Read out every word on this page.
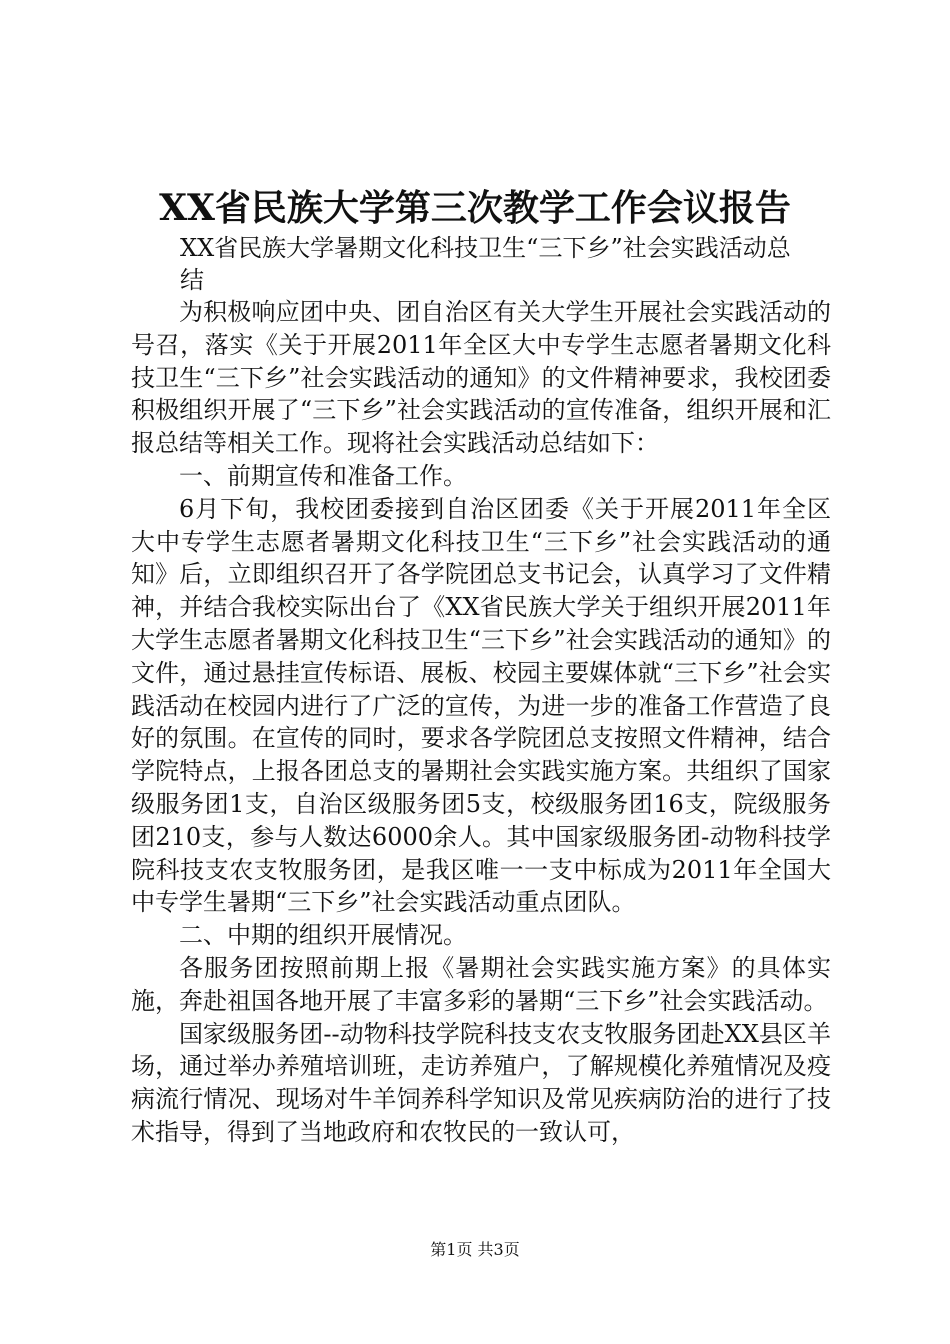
XX省民族大学第三次教学工作会议报告
XX省民族大学暑期文化科技卫生“三下乡”社会实践活动总结

为积极响应团中央、团自治区有关大学生开展社会实践活动的号召，落实《关于开展2011年全区大中专学生志愿者暑期文化科技卫生“三下乡”社会实践活动的通知》的文件精神要求，我校团委积极组织开展了“三下乡”社会实践活动的宣传准备，组织开展和汇报总结等相关工作。现将社会实践活动总结如下：

一、前期宣传和准备工作。

6月下旬，我校团委接到自治区团委《关于开展2011年全区大中专学生志愿者暑期文化科技卫生“三下乡”社会实践活动的通知》后，立即组织召开了各学院团总支书记会，认真学习了文件精神，并结合我校实际出台了《XX省民族大学关于组织开展2011年大学生志愿者暑期文化科技卫生“三下乡”社会实践活动的通知》的文件，通过悬挂宣传标语、展板、校园主要媒体就“三下乡”社会实践活动在校园内进行了广泛的宣传，为进一步的准备工作营造了良好的氛围。在宣传的同时，要求各学院团总支按照文件精神，结合学院特点，上报各团总支的暑期社会实践实施方案。共组织了国家级服务团1支，自治区级服务团5支，校级服务团16支，院级服务团210支，参与人数达6000余人。其中国家级服务团-动物科技学院科技支农支牧服务团，是我区唯一一支中标成为2011年全国大中专学生暑期“三下乡”社会实践活动重点团队。

二、中期的组织开展情况。

各服务团按照前期上报《暑期社会实践实施方案》的具体实施，奔赴祖国各地开展了丰富多彩的暑期“三下乡”社会实践活动。

国家级服务团--动物科技学院科技支农支牧服务团赴XX县区羊场，通过举办养殖培训班，走访养殖户，了解规模化养殖情况及疫病流行情况、现场对牛羊饲养科学知识及常见疾病防治的进行了技术指导，得到了当地政府和农牧民的一致认可，

第1页 共3页
